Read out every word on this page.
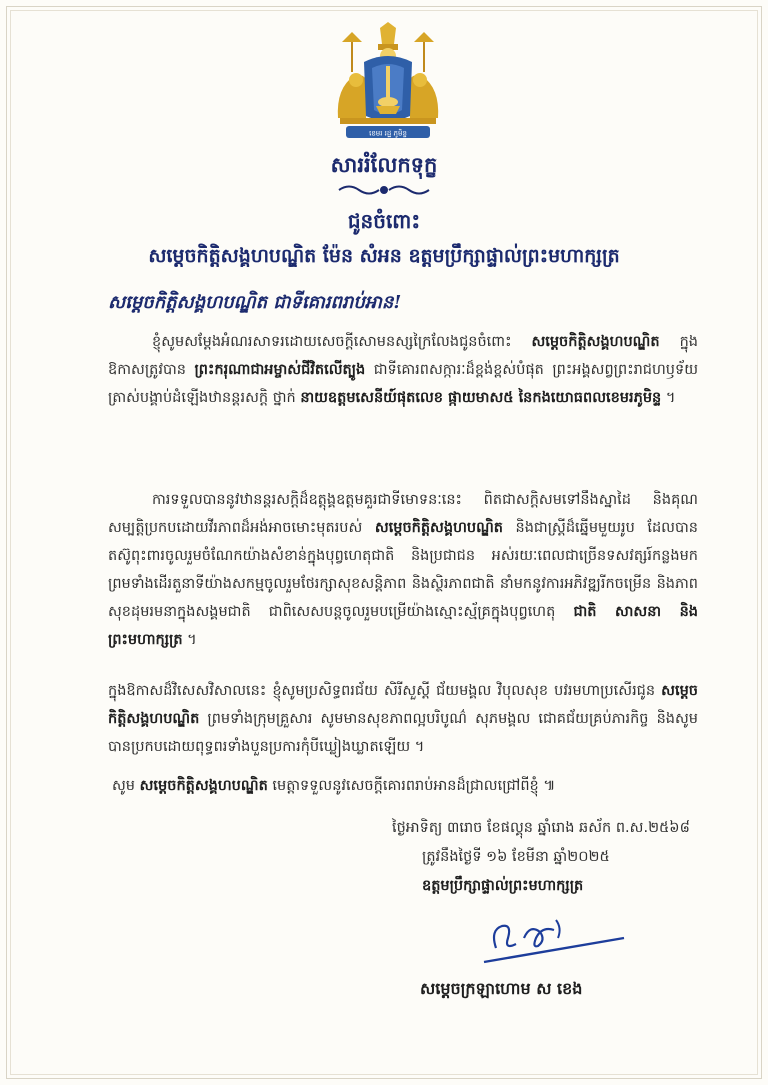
ខេមរ រដ្ឋ ភូមិន្ទ
សាររំលែកទុក្ខ
ជូនចំពោះ
សម្តេចកិត្តិសង្គហបណ្ឌិត ម៉ែន សំអន ឧត្តមប្រឹក្សាផ្ទាល់ព្រះមហាក្សត្រ
សម្តេចកិត្តិសង្គហបណ្ឌិត ជាទីគោរពរាប់អាន!
ខ្ញុំសូមសម្តែងអំណរសាទរដោយសេចក្តីសោមនស្សក្រៃលែងជូនចំពោះ សម្តេចកិត្តិសង្គហបណ្ឌិត ក្នុងឱកាសត្រូវបាន ព្រះករុណាជាអម្ចាស់ជីវិតលើត្បូង ជាទីគោរពសក្ការៈដ៏ខ្ពង់ខ្ពស់បំផុត ព្រះអង្គសព្វព្រះរាជហឫទ័យ ត្រាស់បង្គាប់ដំឡើងឋានន្តរសក្តិ ថ្នាក់ នាយឧត្តមសេនីយ៍ផុតលេខ ផ្កាយមាស៥ នៃកងយោធពលខេមរភូមិន្ទ ។
ការទទួលបាននូវឋានន្តរសក្តិដ៏ឧត្តុង្គឧត្តមគួរជាទីមោទនៈនេះ ពិតជាសក្តិសមទៅនឹងស្នាដៃ និងគុណសម្បត្តិប្រកបដោយវីរភាពដ៏អង់អាចមោះមុតរបស់ សម្តេចកិត្តិសង្គហបណ្ឌិត និងជាស្ត្រីដ៏ឆ្នើមមួយរូប ដែលបានតស៊ូពុះពារចូលរួមចំណែកយ៉ាងសំខាន់ក្នុងបុព្វហេតុជាតិ និងប្រជាជន អស់រយៈពេលជាច្រើនទសវត្សរ៍កន្លងមក ព្រមទាំងដើរតួនាទីយ៉ាងសកម្មចូលរួមថែរក្សាសុខសន្តិភាព និងស្ថិរភាពជាតិ នាំមកនូវការអភិវឌ្ឍរីកចម្រើន និងភាពសុខដុមរមនាក្នុងសង្គមជាតិ ជាពិសេសបន្តចូលរួមបម្រើយ៉ាងស្មោះស្ម័គ្រក្នុងបុព្វហេតុ ជាតិ សាសនា និងព្រះមហាក្សត្រ ។
ក្នុងឱកាសដ៏វិសេសវិសាលនេះ ខ្ញុំសូមប្រសិទ្ធពរជ័យ សិរីសួស្តី ជ័យមង្គល វិបុលសុខ បវរមហាប្រសើរជូន សម្តេចកិត្តិសង្គហបណ្ឌិត ព្រមទាំងក្រុមគ្រួសារ សូមមានសុខភាពល្អបរិបូណ៌ សុភមង្គល ជោគជ័យគ្រប់ភារកិច្ច និងសូមបានប្រកបដោយពុទ្ធពរទាំងបួនប្រការកុំបីឃ្លៀងឃ្លាតឡើយ ។
សូម សម្តេចកិត្តិសង្គហបណ្ឌិត មេត្តាទទួលនូវសេចក្តីគោរពរាប់អានដ៏ជ្រាលជ្រៅពីខ្ញុំ ៕
ថ្ងៃអាទិត្យ ៣រោច ខែផល្គុន ឆ្នាំរោង ឆស័ក ព.ស.២៥៦៨
ត្រូវនឹងថ្ងៃទី ១៦ ខែមីនា ឆ្នាំ២០២៥
ឧត្តមប្រឹក្សាផ្ទាល់ព្រះមហាក្សត្រ
សម្តេចក្រឡាហោម ស ខេង
